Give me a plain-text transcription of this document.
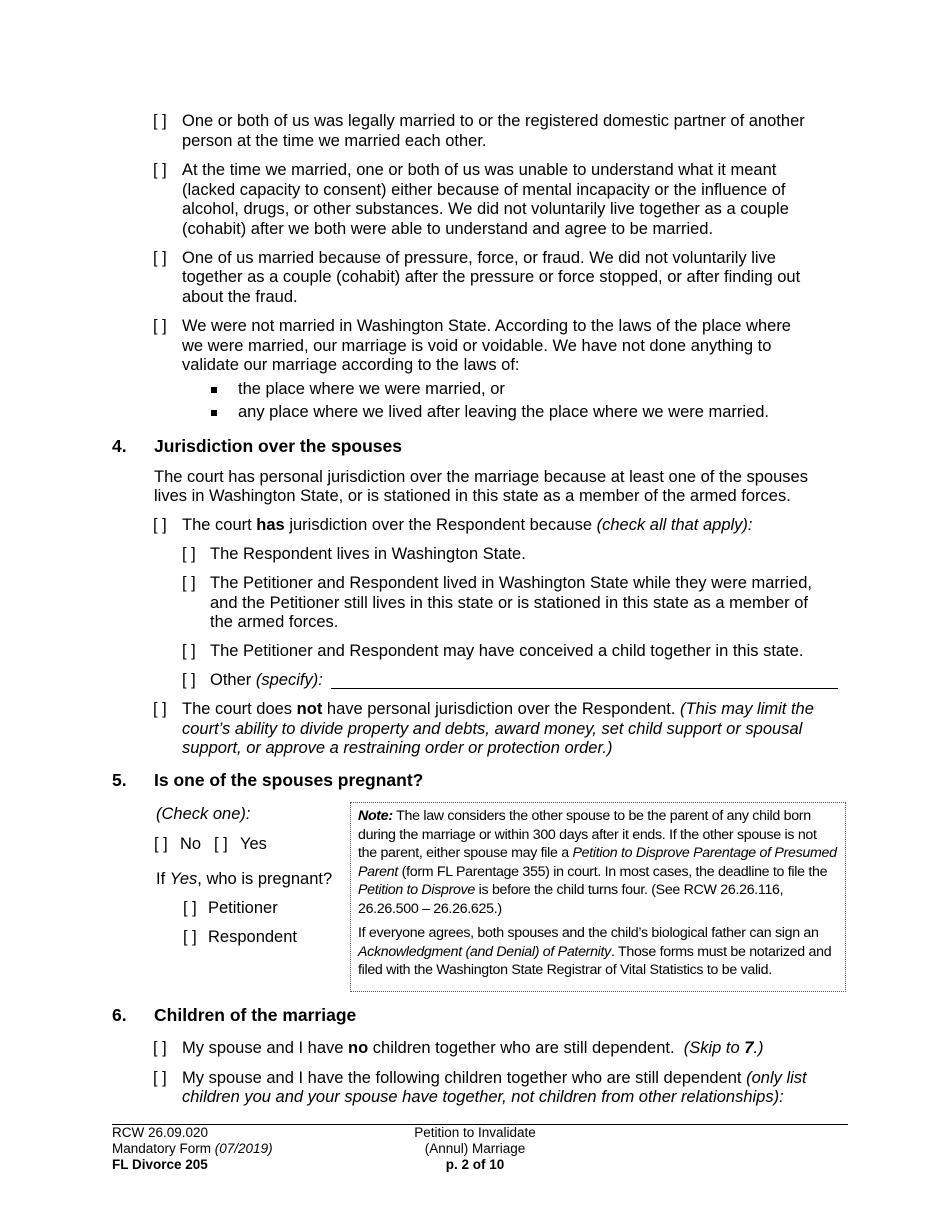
[ ] One or both of us was legally married to or the registered domestic partner of another
person at the time we married each other.
[ ] At the time we married, one or both of us was unable to understand what it meant
(lacked capacity to consent) either because of mental incapacity or the influence of
alcohol, drugs, or other substances. We did not voluntarily live together as a couple
(cohabit) after we both were able to understand and agree to be married.
[ ] One of us married because of pressure, force, or fraud. We did not voluntarily live
together as a couple (cohabit) after the pressure or force stopped, or after finding out
about the fraud.
[ ] We were not married in Washington State. According to the laws of the place where
we were married, our marriage is void or voidable. We have not done anything to
validate our marriage according to the laws of:
the place where we were married, or
any place where we lived after leaving the place where we were married.
4. Jurisdiction over the spouses
The court has personal jurisdiction over the marriage because at least one of the spouses
lives in Washington State, or is stationed in this state as a member of the armed forces.
[ ] The court has jurisdiction over the Respondent because (check all that apply):
[ ] The Respondent lives in Washington State.
[ ] The Petitioner and Respondent lived in Washington State while they were married,
and the Petitioner still lives in this state or is stationed in this state as a member of
the armed forces.
[ ] The Petitioner and Respondent may have conceived a child together in this state.
[ ] Other (specify):
[ ] The court does not have personal jurisdiction over the Respondent. (This may limit the
court’s ability to divide property and debts, award money, set child support or spousal
support, or approve a restraining order or protection order.)
5. Is one of the spouses pregnant?
(Check one):
[ ] No [ ] Yes
If Yes, who is pregnant?
[ ] Petitioner
[ ] Respondent

Note: The law considers the other spouse to be the parent of any child born during the marriage or within 300 days after it ends. If the other spouse is not the parent, either spouse may file a Petition to Disprove Parentage of Presumed Parent (form FL Parentage 355) in court. In most cases, the deadline to file the Petition to Disprove is before the child turns four. (See RCW 26.26.116, 26.26.500 – 26.26.625.)

If everyone agrees, both spouses and the child’s biological father can sign an Acknowledgment (and Denial) of Paternity. Those forms must be notarized and filed with the Washington State Registrar of Vital Statistics to be valid.

6. Children of the marriage
[ ] My spouse and I have no children together who are still dependent.  (Skip to 7.)
[ ] My spouse and I have the following children together who are still dependent (only list
children you and your spouse have together, not children from other relationships):
RCW 26.09.020
Mandatory Form (07/2019)
FL Divorce 205
Petition to Invalidate
(Annul) Marriage
p. 2 of 10
